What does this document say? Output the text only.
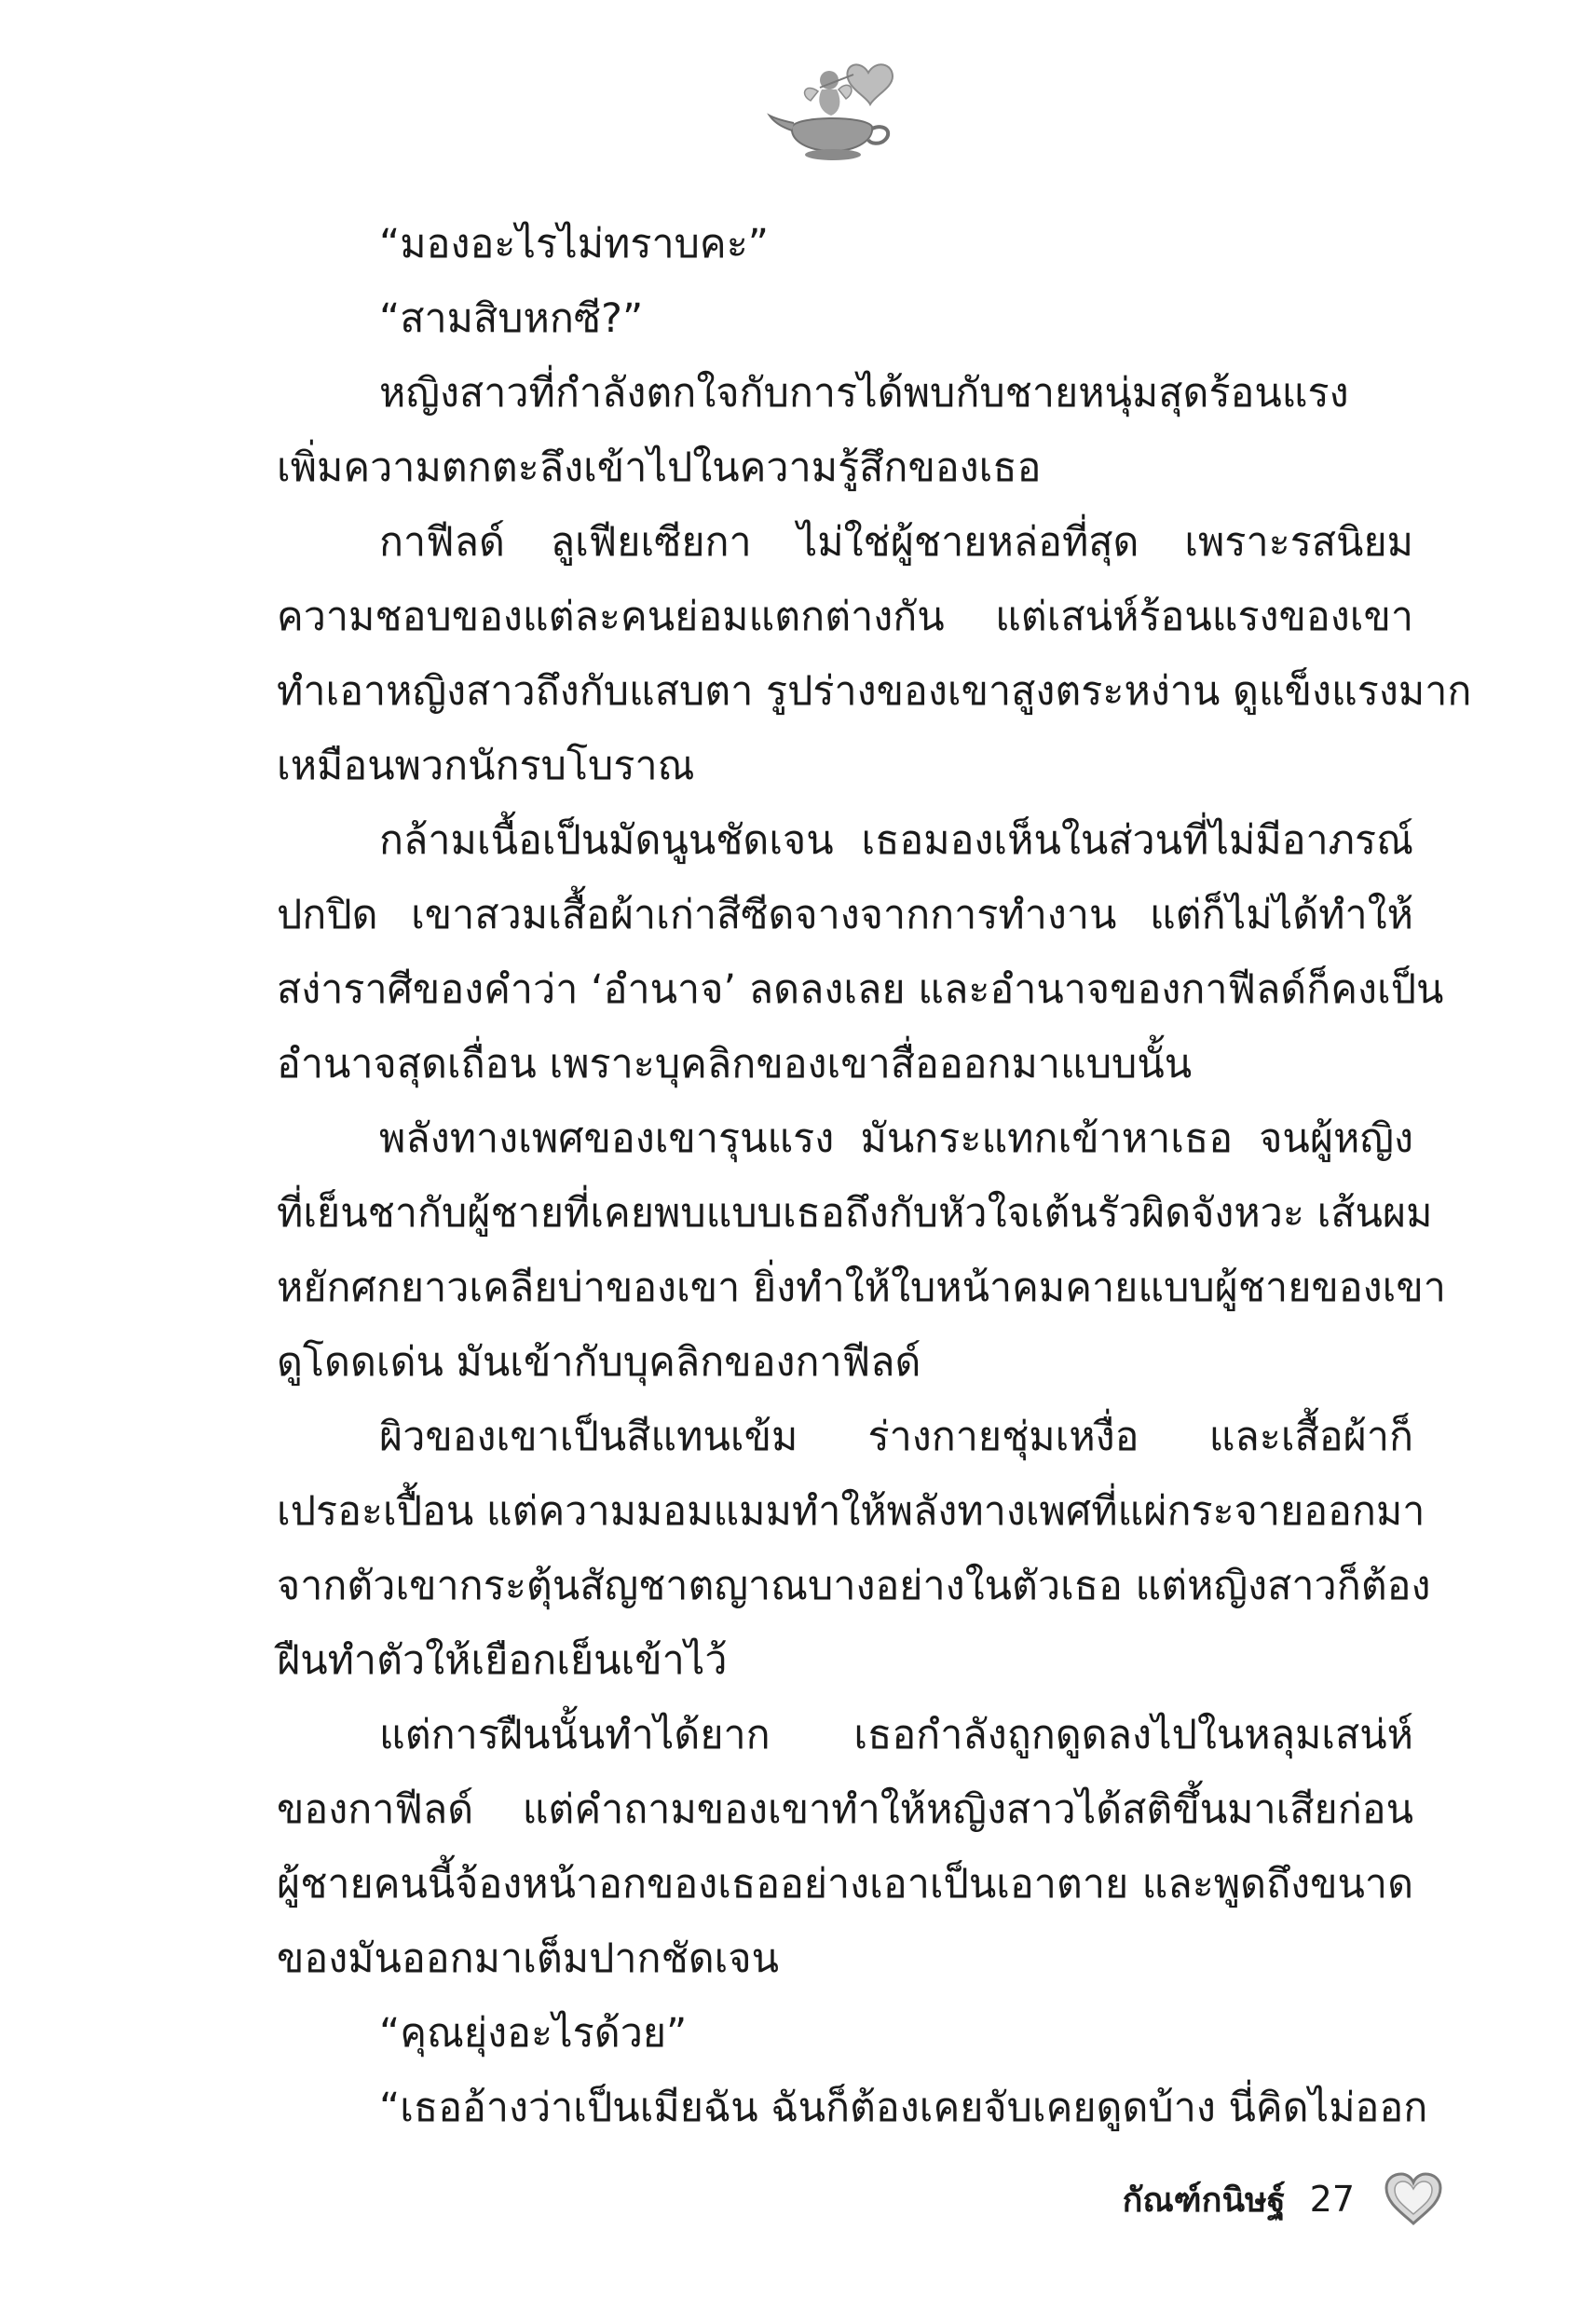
“มองอะไรไม่ทราบคะ”
“สามสิบหกซี?”
หญิงสาวที่กำลังตกใจกับการได้พบกับชายหนุ่มสุดร้อนแรง
เพิ่มความตกตะลึงเข้าไปในความรู้สึกของเธอ
กาฟีลด์ ลูเฟียเซียกา ไม่ใช่ผู้ชายหล่อที่สุด เพราะรสนิยม
ความชอบของแต่ละคนย่อมแตกต่างกัน แต่เสน่ห์ร้อนแรงของเขา
ทำเอาหญิงสาวถึงกับแสบตา รูปร่างของเขาสูงตระหง่าน ดูแข็งแรงมาก
เหมือนพวกนักรบโบราณ
กล้ามเนื้อเป็นมัดนูนชัดเจน เธอมองเห็นในส่วนที่ไม่มีอาภรณ์
ปกปิด เขาสวมเสื้อผ้าเก่าสีซีดจางจากการทำงาน แต่ก็ไม่ได้ทำให้
สง่าราศีของคำว่า ‘อำนาจ’ ลดลงเลย และอำนาจของกาฟีลด์ก็คงเป็น
อำนาจสุดเถื่อน เพราะบุคลิกของเขาสื่อออกมาแบบนั้น
พลังทางเพศของเขารุนแรง มันกระแทกเข้าหาเธอ จนผู้หญิง
ที่เย็นชากับผู้ชายที่เคยพบแบบเธอถึงกับหัวใจเต้นรัวผิดจังหวะ เส้นผม
หยักศกยาวเคลียบ่าของเขา ยิ่งทำให้ใบหน้าคมคายแบบผู้ชายของเขา
ดูโดดเด่น มันเข้ากับบุคลิกของกาฟีลด์
ผิวของเขาเป็นสีแทนเข้ม ร่างกายชุ่มเหงื่อ และเสื้อผ้าก็
เปรอะเปื้อน แต่ความมอมแมมทำให้พลังทางเพศที่แผ่กระจายออกมา
จากตัวเขากระตุ้นสัญชาตญาณบางอย่างในตัวเธอ แต่หญิงสาวก็ต้อง
ฝืนทำตัวให้เยือกเย็นเข้าไว้
แต่การฝืนนั้นทำได้ยาก เธอกำลังถูกดูดลงไปในหลุมเสน่ห์
ของกาฟีลด์ แต่คำถามของเขาทำให้หญิงสาวได้สติขึ้นมาเสียก่อน
ผู้ชายคนนี้จ้องหน้าอกของเธออย่างเอาเป็นเอาตาย และพูดถึงขนาด
ของมันออกมาเต็มปากชัดเจน
“คุณยุ่งอะไรด้วย”
“เธออ้างว่าเป็นเมียฉัน ฉันก็ต้องเคยจับเคยดูดบ้าง นี่คิดไม่ออก
กัณฑ์กนิษฐ์ 27
